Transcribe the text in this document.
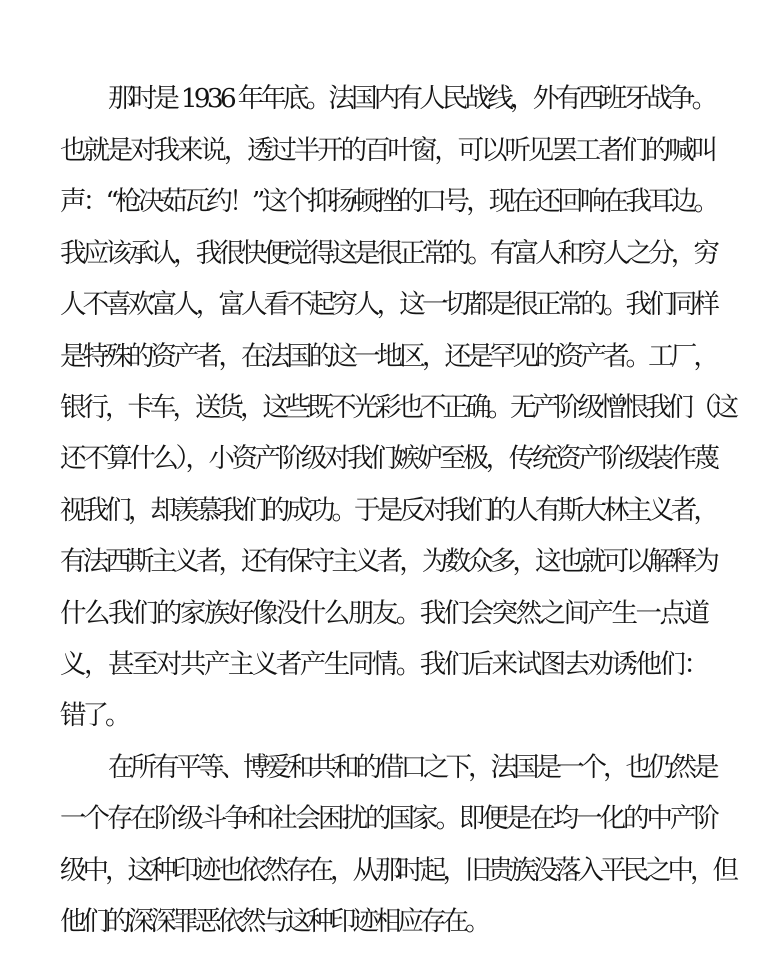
那时是 1936 年年底。法国内有人民战线，外有西班牙战争。
也就是对我来说，透过半开的百叶窗，可以听见罢工者们的喊叫
声：“枪决茹瓦约！”这个抑扬顿挫的口号，现在还回响在我耳边。
我应该承认，我很快便觉得这是很正常的。有富人和穷人之分，穷
人不喜欢富人，富人看不起穷人，这一切都是很正常的。我们同样
是特殊的资产者，在法国的这一地区，还是罕见的资产者。工厂，
银行，卡车，送货，这些既不光彩也不正确。无产阶级憎恨我们（这
还不算什么），小资产阶级对我们嫉妒至极，传统资产阶级装作蔑
视我们，却羡慕我们的成功。于是反对我们的人有斯大林主义者，
有法西斯主义者，还有保守主义者，为数众多，这也就可以解释为
什么我们的家族好像没什么朋友。我们会突然之间产生一点道
义，甚至对共产主义者产生同情。我们后来试图去劝诱他们：
错了。
在所有平等、博爱和共和的借口之下，法国是一个，也仍然是
一个存在阶级斗争和社会困扰的国家。即便是在均一化的中产阶
级中，这种印迹也依然存在，从那时起，旧贵族没落入平民之中，但
他们的深深罪恶依然与这种印迹相应存在。
